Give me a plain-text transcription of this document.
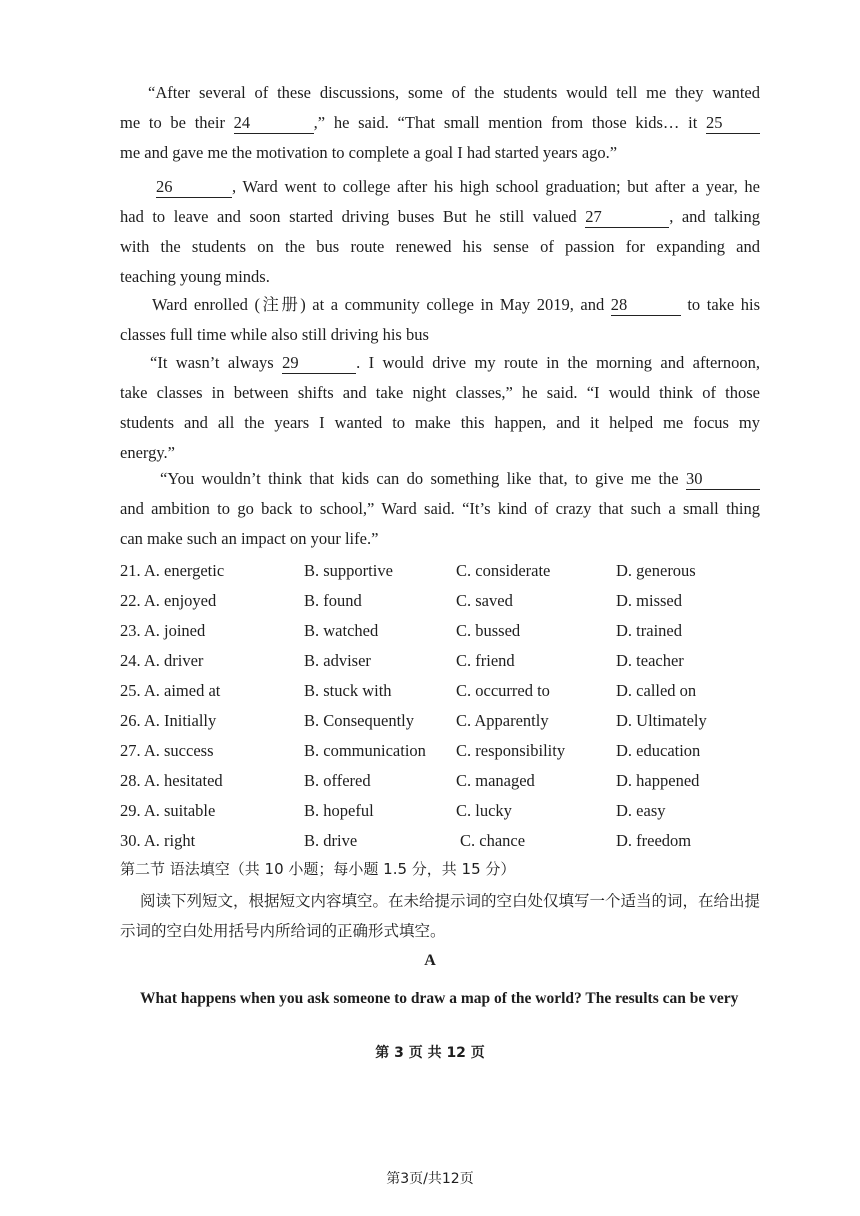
“After several of these discussions, some of the students would tell me they wanted
me to be their 24	,” he said. “That small mention from those kids… it 25
me and gave me the motivation to complete a goal I had started years ago.”
26	, Ward went to college after his high school graduation; but after a year, he
had to leave and soon started driving buses But he still valued 27	, and talking
with the students on the bus route renewed his sense of passion for expanding and
teaching young minds.
Ward enrolled (注册) at a community college in May 2019, and 28	to take his
classes full time while also still driving his bus
“It wasn’t always 29	. I would drive my route in the morning and afternoon,
take classes in between shifts and take night classes,” he said. “I would think of those
students and all the years I wanted to make this happen, and it helped me focus my
energy.”
“You wouldn’t think that kids can do something like that, to give me the 30
and ambition to go back to school,” Ward said. “It’s kind of crazy that such a small thing
can make such an impact on your life.”
21. A. energetic	B. supportive	C. considerate	D. generous
22. A. enjoyed	B. found	C. saved	D. missed
23. A. joined	B. watched	C. bussed	D. trained
24. A. driver	B. adviser	C. friend	D. teacher
25. A. aimed at	B. stuck with	C. occurred to	D. called on
26. A. Initially	B. Consequently	C. Apparently	D. Ultimately
27. A. success	B. communication C. responsibility	D. education
28. A. hesitated	B. offered	C. managed	D. happened
29. A. suitable	B. hopeful	C. lucky	D. easy
30. A. right	B. drive	C. chance	D. freedom
第二节 语法填空（共 10 小题；每小题 1.5 分，共 15 分）
阅读下列短文，根据短文内容填空。在未给提示词的空白处仅填写一个适当的词，在给出提
示词的空白处用括号内所给词的正确形式填空。
A
What happens when you ask someone to draw a map of the world? The results can be very
第 3 页 共 12 页
第3页/共12页
